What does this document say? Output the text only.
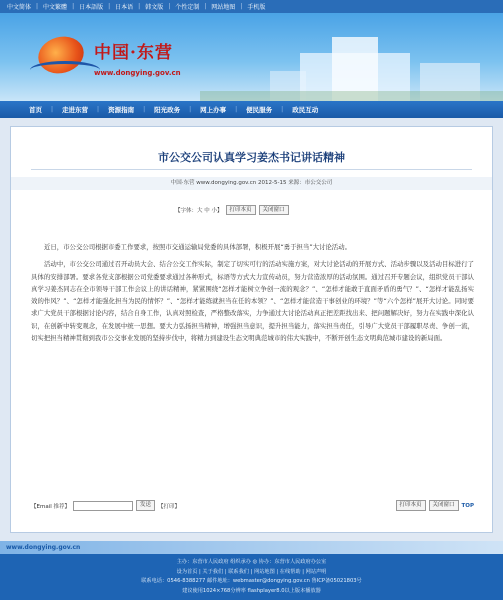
中文简体 | 中文繁體 | 日本語版 | 日本语 | 韩文版 | 个性定制 | 网站地图 | 手机版
中国·东营
www.dongying.gov.cn
首页	|	走进东营	|	资源指南	|	阳光政务	|	网上办事	|	便民服务	|	政民互动
市公交公司认真学习姜杰书记讲话精神
中国·东营 www.dongying.gov.cn 2012-5-15 来源：市公交公司
【字体：大 中 小】	打印本页	关闭窗口

近日，市公交公司根据市委工作要求，按照市交通运输局党委的具体部署，积极开展“勇于担当”大讨论活动。

活动中，市公交公司通过召开动员大会、结合公交工作实际，制定了切实可行的活动实施方案，对大讨论活动的开展方式、活动步骤以及活动目标进行了具体的安排部署。要求各党支部根据公司党委要求通过各种形式，标语等方式大力宣传动员，努力营造浓厚的活动氛围。通过召开专题会议，组织党员干部认真学习姜杰同志在全市领导干部工作会议上的讲话精神，紧紧围绕“怎样才能树立争创一流的观念？”、“怎样才能敢于直面矛盾的勇气？”、“怎样才能乱扬实效的作风？”、“怎样才能强化担当为民的情怀？”、“怎样才能练就担当在任的本领？”、“怎样才能营造干事创业的环境？”等“六个怎样”展开大讨论。同时要求广大党员干部根据讨论内容，结合自身工作，认真对照检查，严格整改落实，力争通过大讨论活动真正把差距找出来、把问题解决好，努力在实践中深化认识，在创新中转变观念，在发展中统一思想。要大力弘扬担当精神，增强担当意识，提升担当能力，落实担当责任，引导广大党员干部履职尽责、争创一流，切实把担当精神贯彻到我市公交事业发展的坚持步伐中，将精力到建设生态文明典范城市的伟大实践中，不断开创生态文明典范城市建设的新局面。

【Email 推荐】	发送	【打印】	打印本页	关闭窗口	TOP
www.dongying.gov.cn
主办：东营市人民政府 组织承办 ◎ 协办：东营市人民政府办公室
设为首页 | 关于我们 | 联系我们 | 网站地图 | 在线帮助 | 网站声明
联系电话：0546-8388277 邮件地址：webmaster@dongying.gov.cn 鲁ICP备05021803号
建议使用1024×768分辨率 flashplayer8.0以上版本播放器
